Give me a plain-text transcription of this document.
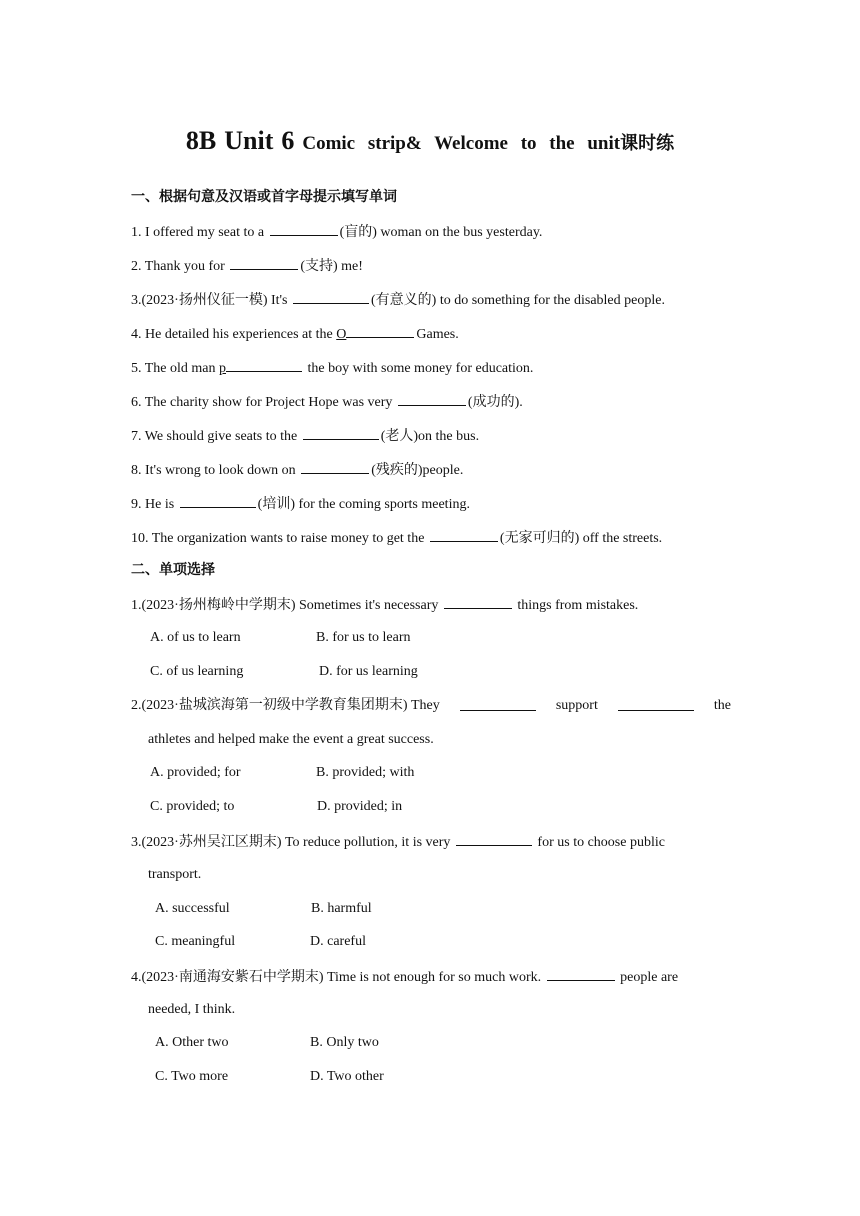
8B Unit 6 Comic strip& Welcome to the unit课时练
一、根据句意及汉语或首字母提示填写单词
1. I offered my seat to a	(盲的) woman on the bus yesterday.
2. Thank you for	(支持) me!
3.(2023·扬州仪征一模) It's	(有意义的) to do something for the disabled people.
4. He detailed his experiences at the O	Games.
5. The old man p	the boy with some money for education.
6. The charity show for Project Hope was very	(成功的).
7. We should give seats to the	(老人)on the bus.
8. It's wrong to look down on	(残疾的)people.
9. He is	(培训) for the coming sports meeting.
10. The organization wants to raise money to get the	(无家可归的) off the streets.
二、单项选择
1.(2023·扬州梅岭中学期末) Sometimes it's necessary	things from mistakes.
A. of us to learn	B. for us to learn
C. of us learning	D. for us learning
2.(2023·盐城滨海第一初级中学教育集团期末) They	support	the
athletes and helped make the event a great success.
A. provided; for	B. provided; with
C. provided; to	D. provided; in
3.(2023·苏州吴江区期末) To reduce pollution, it is very	for us to choose public
transport.
A. successful	B. harmful
C. meaningful	D. careful
4.(2023·南通海安紫石中学期末) Time is not enough for so much work.	people are
needed, I think.
A. Other two	B. Only two
C. Two more	D. Two other
